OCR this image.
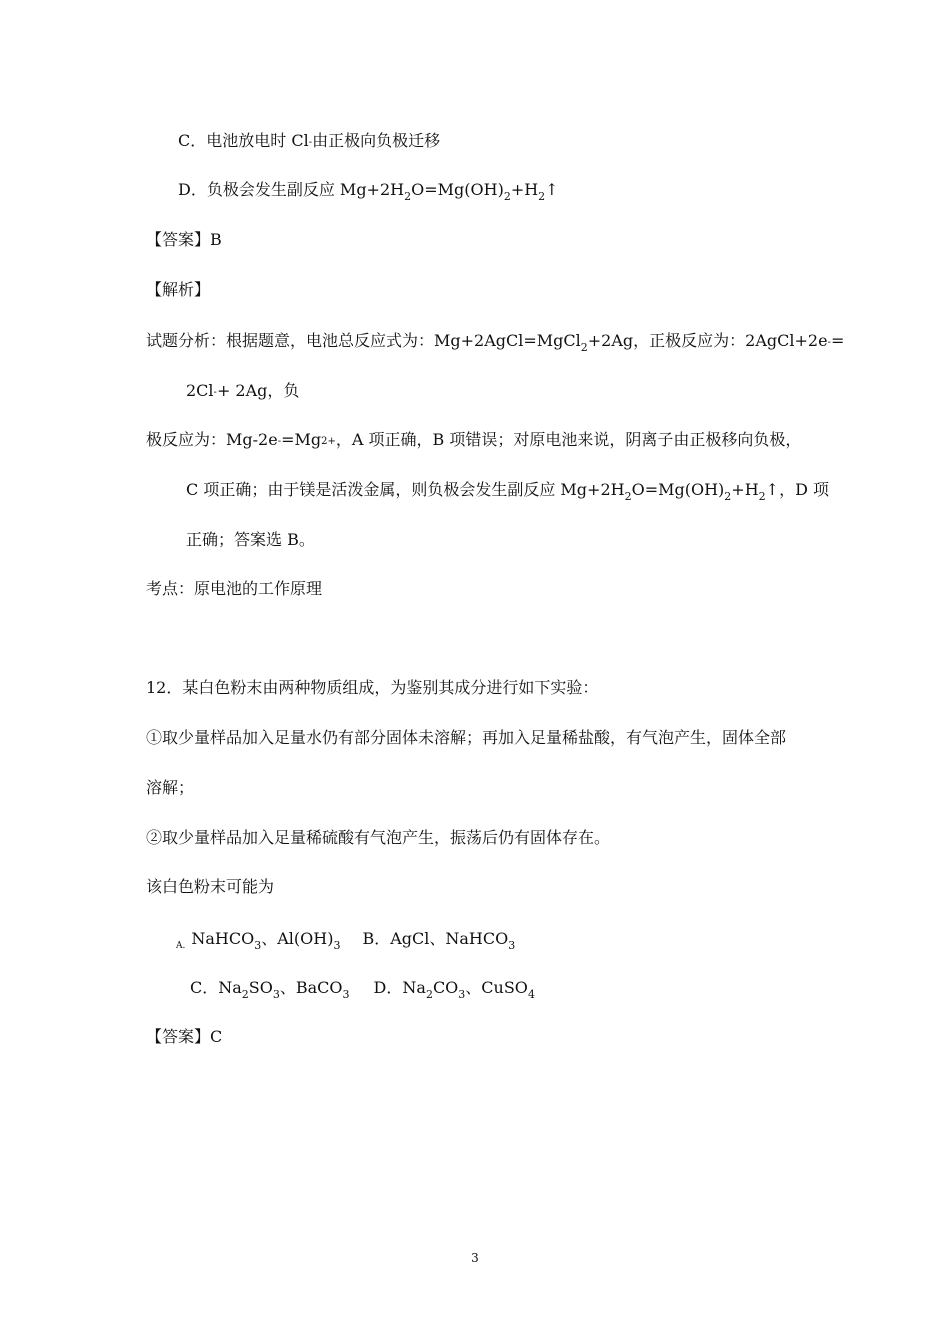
C．电池放电时 Cl-由正极向负极迁移
D．负极会发生副反应 $Mg+2H_2O=Mg(OH)_2+H_2↑$
【答案】B
【解析】
试题分析：根据题意，电池总反应式为：Mg+2AgCl=MgCl$_2$+2Ag，正极反应为：2AgCl+2e-=
2Cl-+ 2Ag，负
极反应为：Mg-2e-=Mg2+，A 项正确，B 项错误；对原电池来说，阴离子由正极移向负极，
C 项正确；由于镁是活泼金属，则负极会发生副反应 $Mg+2H_2O=Mg(OH)_2+H_2↑$，D 项
正确；答案选 B。
考点：原电池的工作原理
12．某白色粉末由两种物质组成，为鉴别其成分进行如下实验：
①取少量样品加入足量水仍有部分固体未溶解；再加入足量稀盐酸，有气泡产生，固体全部
溶解；
②取少量样品加入足量稀硫酸有气泡产生，振荡后仍有固体存在。
该白色粉末可能为
$_{A.}$ NaHCO$_3$、$Al(OH)_3$ B．AgCl、NaHCO$_3$
C．$Na_2SO_3$、BaCO$_3$ D．$Na_2CO_3$、CuSO$_4$
【答案】C
3
